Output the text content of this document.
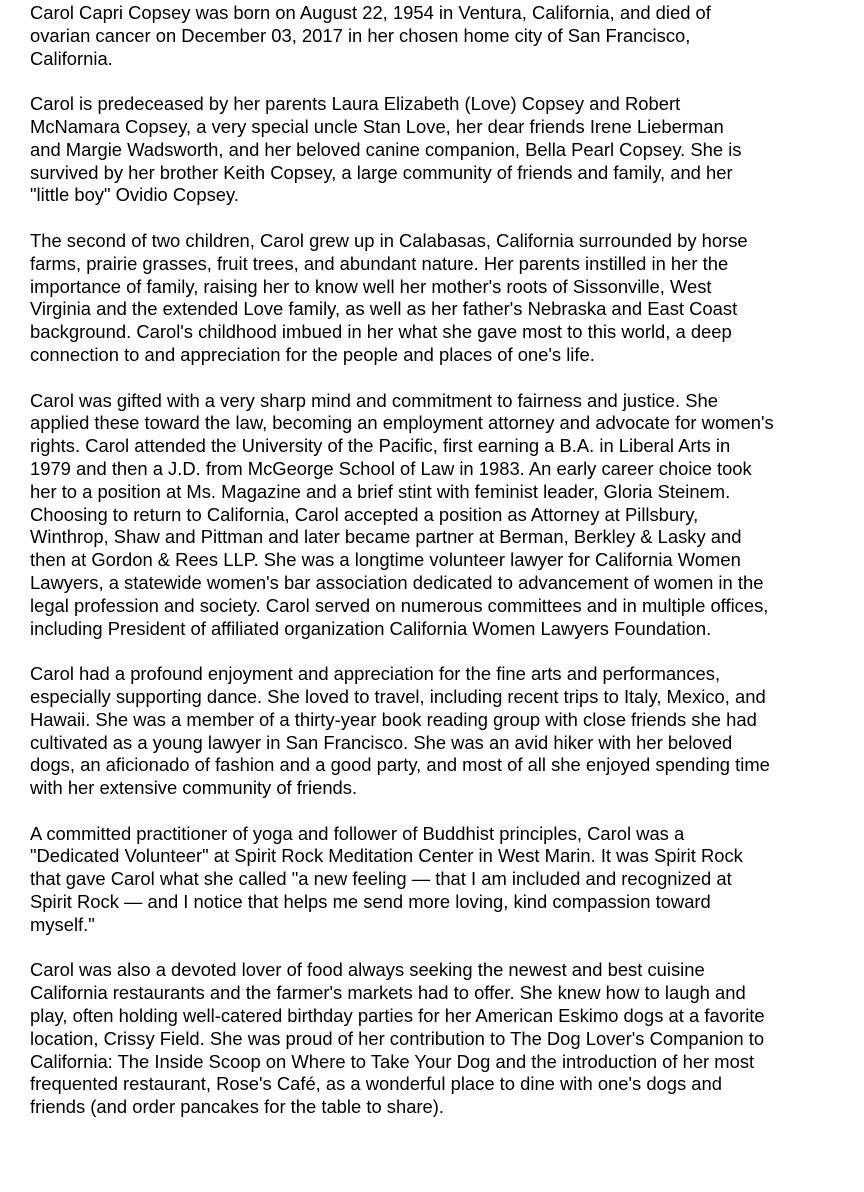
Carol Capri Copsey was born on August 22, 1954 in Ventura, California, and died of
ovarian cancer on December 03, 2017 in her chosen home city of San Francisco,
California.

Carol is predeceased by her parents Laura Elizabeth (Love) Copsey and Robert
McNamara Copsey, a very special uncle Stan Love, her dear friends Irene Lieberman
and Margie Wadsworth, and her beloved canine companion, Bella Pearl Copsey. She is
survived by her brother Keith Copsey, a large community of friends and family, and her
"little boy" Ovidio Copsey.

The second of two children, Carol grew up in Calabasas, California surrounded by horse
farms, prairie grasses, fruit trees, and abundant nature. Her parents instilled in her the
importance of family, raising her to know well her mother's roots of Sissonville, West
Virginia and the extended Love family, as well as her father's Nebraska and East Coast
background. Carol's childhood imbued in her what she gave most to this world, a deep
connection to and appreciation for the people and places of one's life.

Carol was gifted with a very sharp mind and commitment to fairness and justice. She
applied these toward the law, becoming an employment attorney and advocate for women's
rights. Carol attended the University of the Pacific, first earning a B.A. in Liberal Arts in
1979 and then a J.D. from McGeorge School of Law in 1983. An early career choice took
her to a position at Ms. Magazine and a brief stint with feminist leader, Gloria Steinem.
Choosing to return to California, Carol accepted a position as Attorney at Pillsbury,
Winthrop, Shaw and Pittman and later became partner at Berman, Berkley & Lasky and
then at Gordon & Rees LLP. She was a longtime volunteer lawyer for California Women
Lawyers, a statewide women's bar association dedicated to advancement of women in the
legal profession and society. Carol served on numerous committees and in multiple offices,
including President of affiliated organization California Women Lawyers Foundation.

Carol had a profound enjoyment and appreciation for the fine arts and performances,
especially supporting dance. She loved to travel, including recent trips to Italy, Mexico, and
Hawaii. She was a member of a thirty-year book reading group with close friends she had
cultivated as a young lawyer in San Francisco. She was an avid hiker with her beloved
dogs, an aficionado of fashion and a good party, and most of all she enjoyed spending time
with her extensive community of friends.

A committed practitioner of yoga and follower of Buddhist principles, Carol was a
"Dedicated Volunteer" at Spirit Rock Meditation Center in West Marin. It was Spirit Rock
that gave Carol what she called "a new feeling — that I am included and recognized at
Spirit Rock — and I notice that helps me send more loving, kind compassion toward
myself."

Carol was also a devoted lover of food always seeking the newest and best cuisine
California restaurants and the farmer's markets had to offer. She knew how to laugh and
play, often holding well-catered birthday parties for her American Eskimo dogs at a favorite
location, Crissy Field. She was proud of her contribution to The Dog Lover's Companion to
California: The Inside Scoop on Where to Take Your Dog and the introduction of her most
frequented restaurant, Rose's Café, as a wonderful place to dine with one's dogs and
friends (and order pancakes for the table to share).
